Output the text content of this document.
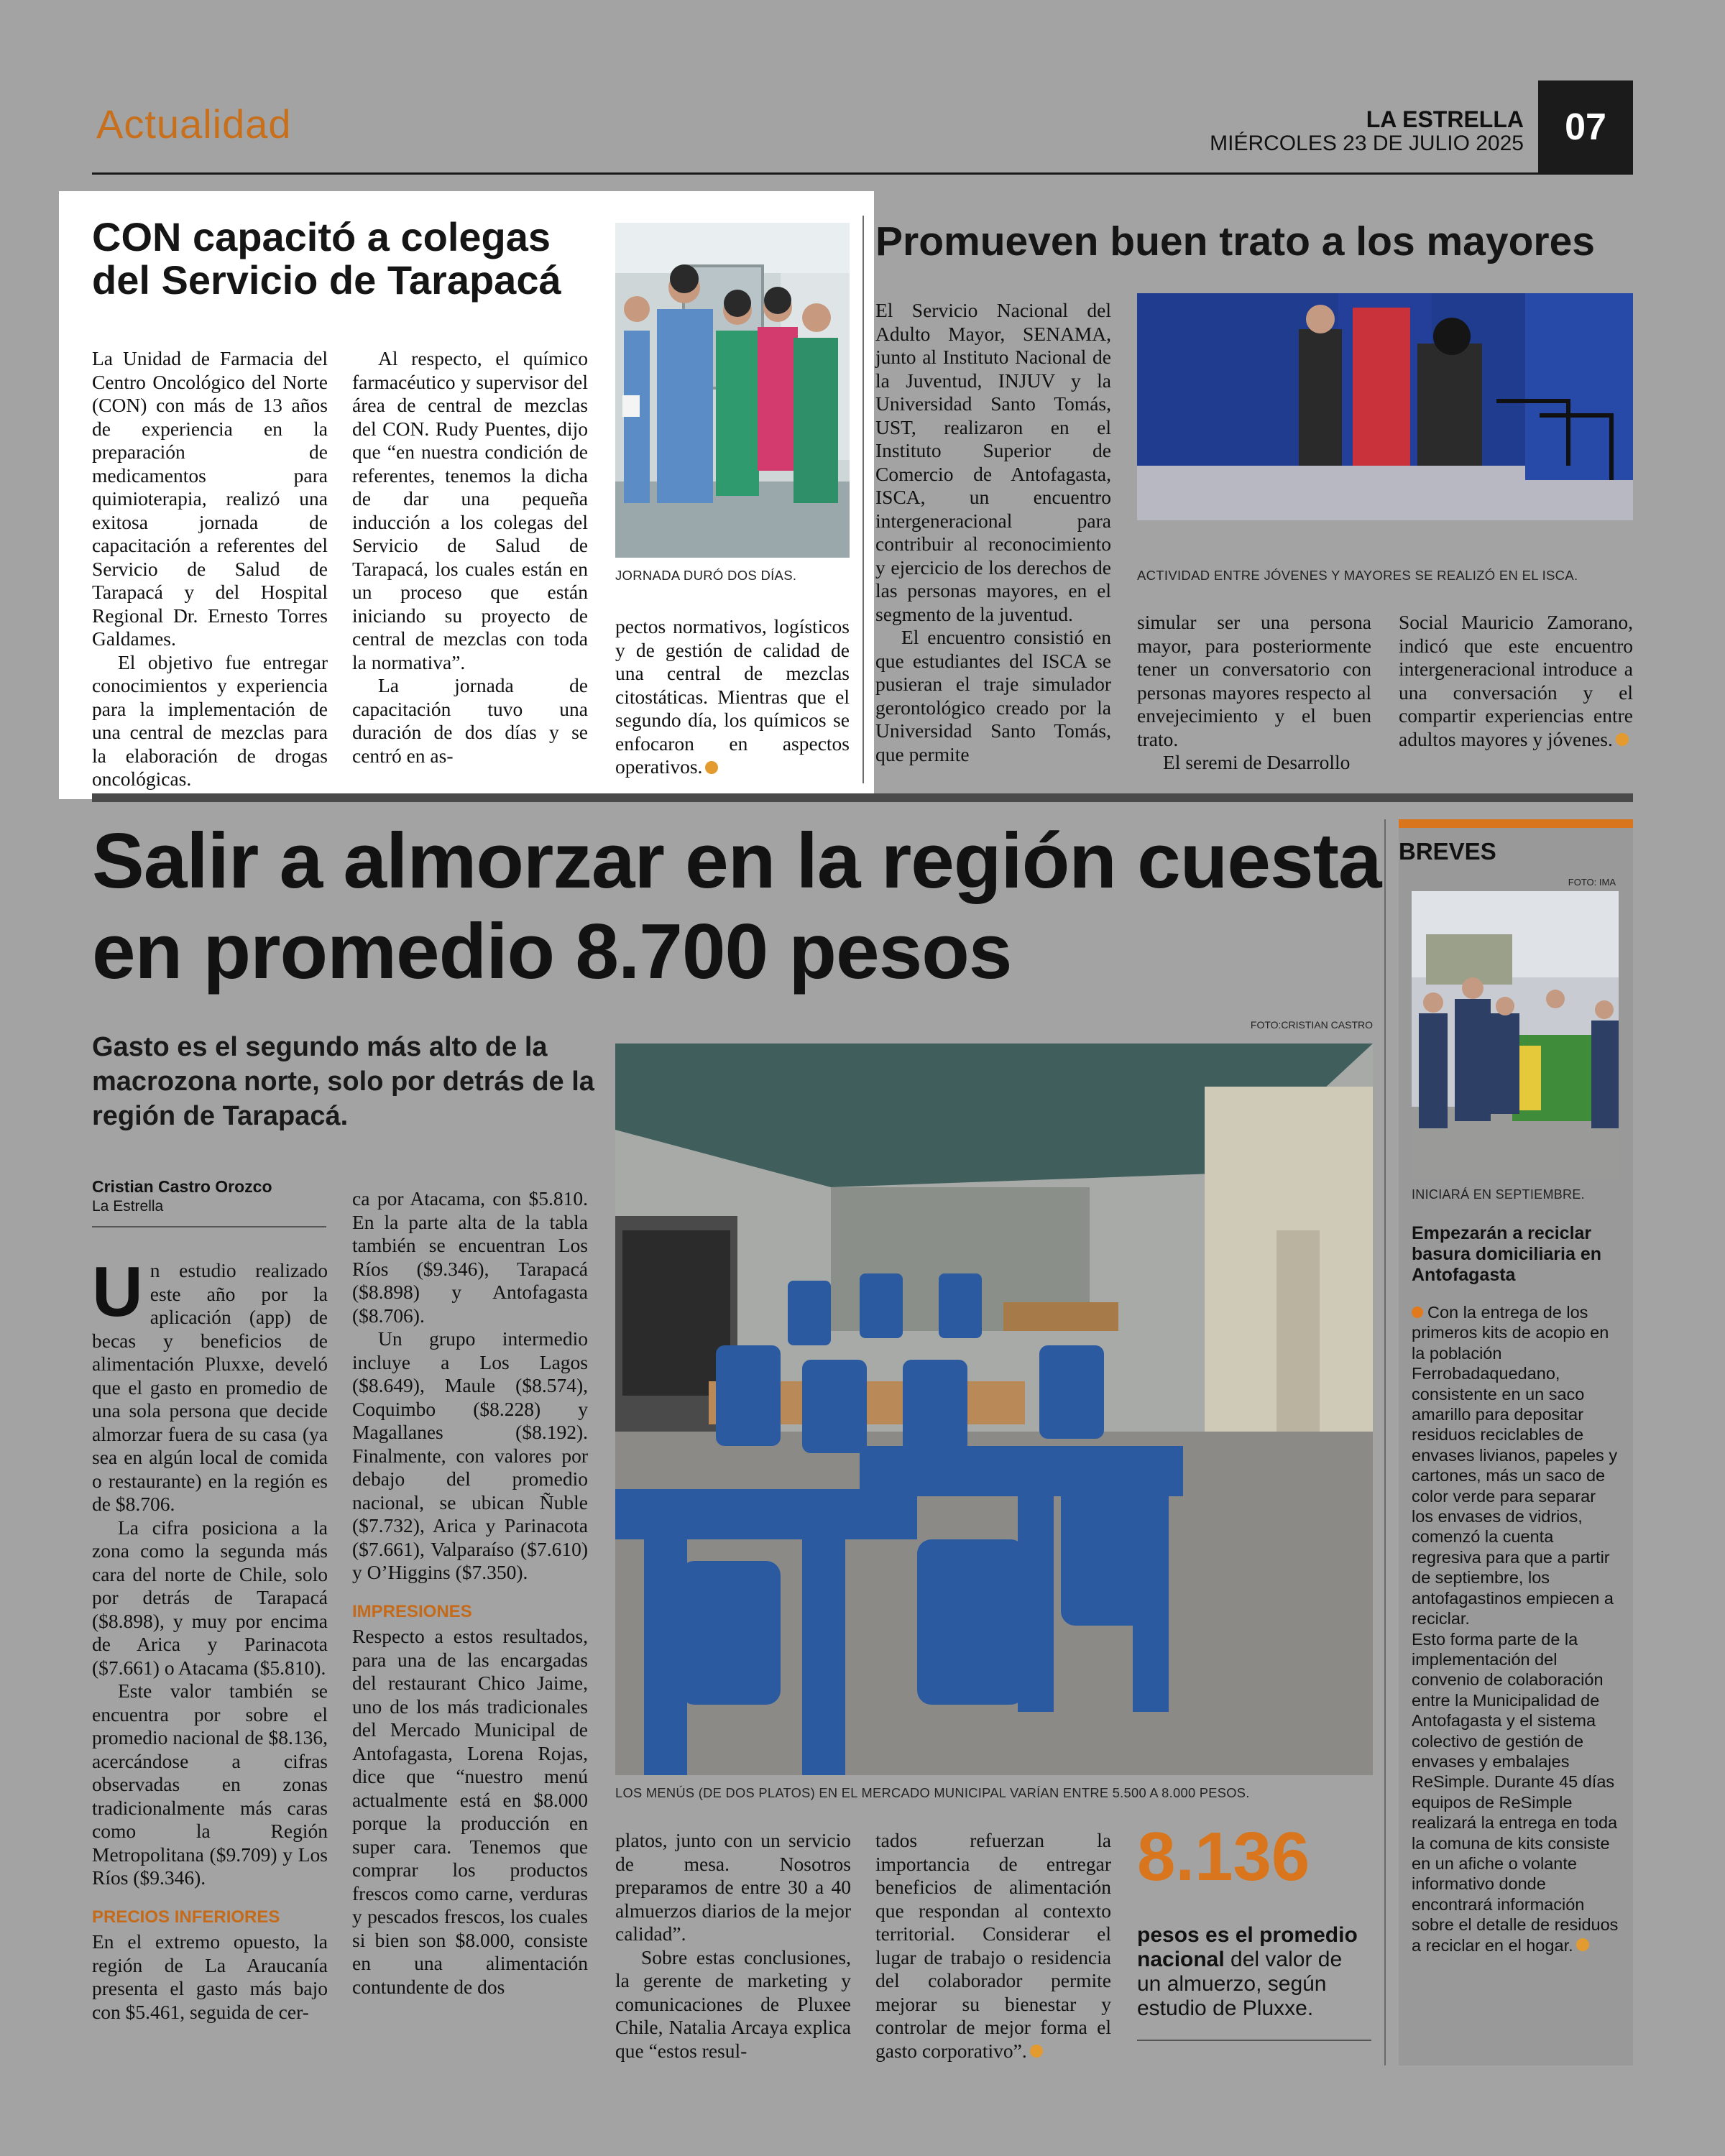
Actualidad	LA ESTRELLA
MIÉRCOLES 23 DE JULIO 2025	07
CON capacitó a colegas del Servicio de Tarapacá

La Unidad de Farmacia del Centro Oncológico del Norte (CON) con más de 13 años de experiencia en la preparación de medicamentos para quimioterapia, realizó una exitosa jornada de capacitación a referentes del Servicio de Salud de Tarapacá y del Hospital Regional Dr. Ernesto Torres Galdames.

El objetivo fue entregar conocimientos y experiencia para la implementación de una central de mezclas para la elaboración de drogas oncológicas.

Al respecto, el químico farmacéutico y supervisor del área de central de mezclas del CON. Rudy Puentes, dijo que “en nuestra condición de referentes, tenemos la dicha de dar una pequeña inducción a los colegas del Servicio de Salud de Tarapacá, los cuales están en un proceso que están iniciando su proyecto de central de mezclas con toda la normativa”.

La jornada de capacitación tuvo una duración de dos días y se centró en as-

JORNADA DURÓ DOS DÍAS.

pectos normativos, logísticos y de gestión de calidad de una central de mezclas citostáticas. Mientras que el segundo día, los químicos se enfocaron en aspectos operativos.

Promueven buen trato a los mayores

El Servicio Nacional del Adulto Mayor, SENAMA, junto al Instituto Nacional de la Juventud, INJUV y la Universidad Santo Tomás, UST, realizaron en el Instituto Superior de Comercio de Antofagasta, ISCA, un encuentro intergeneracional para contribuir al reconocimiento y ejercicio de los derechos de las personas mayores, en el segmento de la juventud.

El encuentro consistió en que estudiantes del ISCA se pusieran el traje simulador gerontológico creado por la Universidad Santo Tomás, que permite

ACTIVIDAD ENTRE JÓVENES Y MAYORES SE REALIZÓ EN EL ISCA.

simular ser una persona mayor, para posteriormente tener un conversatorio con personas mayores respecto al envejecimiento y el buen trato.

El seremi de Desarrollo

Social Mauricio Zamorano, indicó que este encuentro intergeneracional introduce a una conversación y el compartir experiencias entre adultos mayores y jóvenes.

Salir a almorzar en la región cuesta en promedio 8.700 pesos
Gasto es el segundo más alto de la macrozona norte, solo por detrás de la región de Tarapacá.
Cristian Castro Orozco
La Estrella

Un estudio realizado este año por la aplicación (app) de becas y beneficios de alimentación Pluxxe, develó que el gasto en promedio de una sola persona que decide almorzar fuera de su casa (ya sea en algún local de comida o restaurante) en la región es de $8.706.

La cifra posiciona a la zona como la segunda más cara del norte de Chile, solo por detrás de Tarapacá ($8.898), y muy por encima de Arica y Parinacota ($7.661) o Atacama ($5.810).

Este valor también se encuentra por sobre el promedio nacional de $8.136, acercándose a cifras observadas en zonas tradicionalmente más caras como la Región Metropolitana ($9.709) y Los Ríos ($9.346).

PRECIOS INFERIORES

En el extremo opuesto, la región de La Araucanía presenta el gasto más bajo con $5.461, seguida de cer-

ca por Atacama, con $5.810. En la parte alta de la tabla también se encuentran Los Ríos ($9.346), Tarapacá ($8.898) y Antofagasta ($8.706).

Un grupo intermedio incluye a Los Lagos ($8.649), Maule ($8.574), Coquimbo ($8.228) y Magallanes ($8.192). Finalmente, con valores por debajo del promedio nacional, se ubican Ñuble ($7.732), Arica y Parinacota ($7.661), Valparaíso ($7.610) y O’Higgins ($7.350).

IMPRESIONES

Respecto a estos resultados, para una de las encargadas del restaurant Chico Jaime, uno de los más tradicionales del Mercado Municipal de Antofagasta, Lorena Rojas, dice que “nuestro menú actualmente está en $8.000 porque la producción en super cara. Tenemos que comprar los productos frescos como carne, verduras y pescados frescos, los cuales si bien son $8.000, consiste en una alimentación contundente de dos

FOTO:CRISTIAN CASTRO
LOS MENÚS (DE DOS PLATOS) EN EL MERCADO MUNICIPAL VARÍAN ENTRE 5.500 A 8.000 PESOS.

platos, junto con un servicio de mesa. Nosotros preparamos de entre 30 a 40 almuerzos diarios de la mejor calidad”.

Sobre estas conclusiones, la gerente de marketing y comunicaciones de Pluxee Chile, Natalia Arcaya explica que “estos resul-

tados refuerzan la importancia de entregar beneficios de alimentación que respondan al contexto territorial. Considerar el lugar de trabajo o residencia del colaborador permite mejorar su bienestar y controlar de mejor forma el gasto corporativo”.

8.136
pesos es el promedio nacional del valor de un almuerzo, según estudio de Pluxxe.
BREVES
FOTO: IMA
INICIARÁ EN SEPTIEMBRE.
Empezarán a reciclar basura domiciliaria en Antofagasta
Con la entrega de los primeros kits de acopio en la población Ferrobadaquedano, consistente en un saco amarillo para depositar residuos reciclables de envases livianos, papeles y cartones, más un saco de color verde para separar los envases de vidrios, comenzó la cuenta regresiva para que a partir de septiembre, los antofagastinos empiecen a reciclar.
Esto forma parte de la implementación del convenio de colaboración entre la Municipalidad de Antofagasta y el sistema colectivo de gestión de envases y embalajes ReSimple. Durante 45 días equipos de ReSimple realizará la entrega en toda la comuna de kits consiste en un afiche o volante informativo donde encontrará información sobre el detalle de residuos a reciclar en el hogar.
